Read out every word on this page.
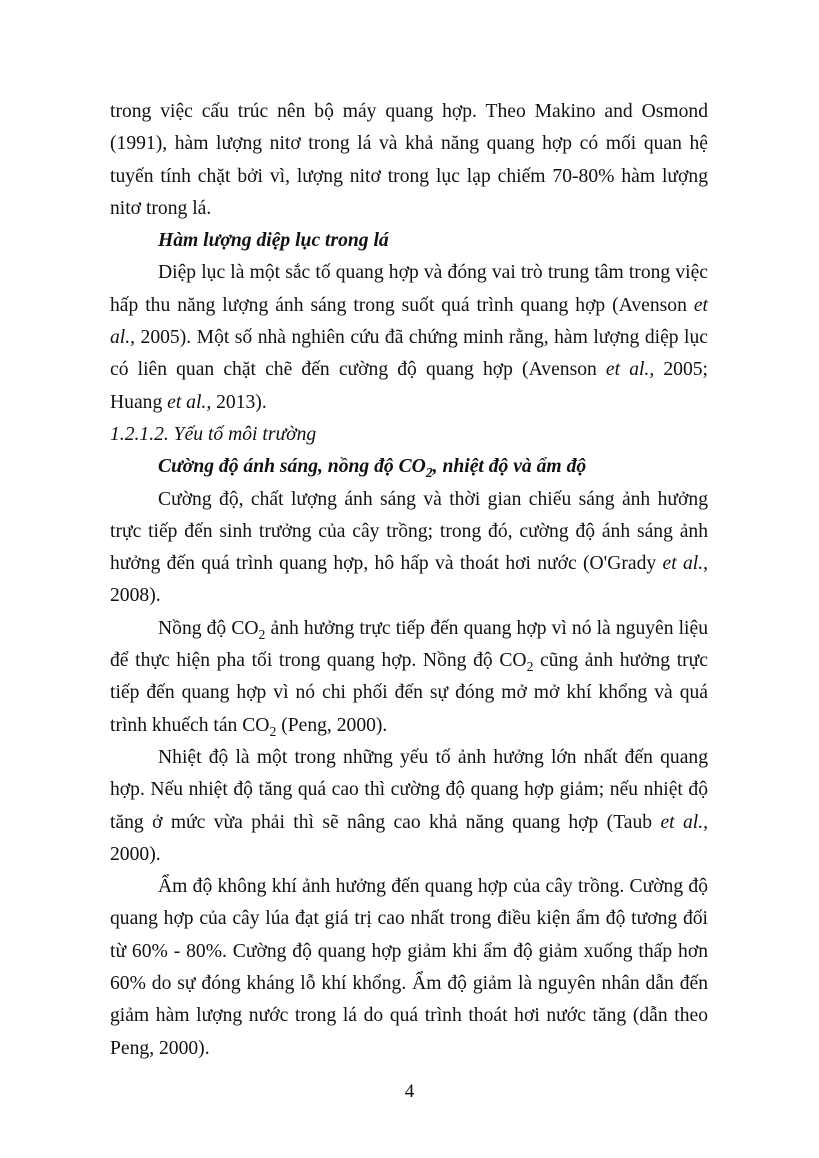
trong việc cấu trúc nên bộ máy quang hợp. Theo Makino and Osmond (1991), hàm lượng nitơ trong lá và khả năng quang hợp có mối quan hệ tuyến tính chặt bởi vì, lượng nitơ trong lục lạp chiếm 70-80% hàm lượng nitơ trong lá.

Hàm lượng diệp lục trong lá

Diệp lục là một sắc tố quang hợp và đóng vai trò trung tâm trong việc hấp thu năng lượng ánh sáng trong suốt quá trình quang hợp (Avenson et al., 2005). Một số nhà nghiên cứu đã chứng minh rằng, hàm lượng diệp lục có liên quan chặt chẽ đến cường độ quang hợp (Avenson et al., 2005; Huang et al., 2013).

1.2.1.2. Yếu tố môi trường

Cường độ ánh sáng, nồng độ $CO_2$, nhiệt độ và ẩm độ

Cường độ, chất lượng ánh sáng và thời gian chiếu sáng ảnh hưởng trực tiếp đến sinh trưởng của cây trồng; trong đó, cường độ ánh sáng ảnh hưởng đến quá trình quang hợp, hô hấp và thoát hơi nước (O'Grady et al., 2008).

Nồng độ $CO_2$ ảnh hưởng trực tiếp đến quang hợp vì nó là nguyên liệu để thực hiện pha tối trong quang hợp. Nồng độ $CO_2$ cũng ảnh hưởng trực tiếp đến quang hợp vì nó chi phối đến sự đóng mở mở khí khổng và quá trình khuếch tán $CO_2$ (Peng, 2000).

Nhiệt độ là một trong những yếu tố ảnh hưởng lớn nhất đến quang hợp. Nếu nhiệt độ tăng quá cao thì cường độ quang hợp giảm; nếu nhiệt độ tăng ở mức vừa phải thì sẽ nâng cao khả năng quang hợp (Taub et al., 2000).

Ẩm độ không khí ảnh hưởng đến quang hợp của cây trồng. Cường độ quang hợp của cây lúa đạt giá trị cao nhất trong điều kiện ẩm độ tương đối từ 60% - 80%. Cường độ quang hợp giảm khi ẩm độ giảm xuống thấp hơn 60% do sự đóng kháng lỗ khí khổng. Ẩm độ giảm là nguyên nhân dẫn đến giảm hàm lượng nước trong lá do quá trình thoát hơi nước tăng (dẫn theo Peng, 2000).

4
